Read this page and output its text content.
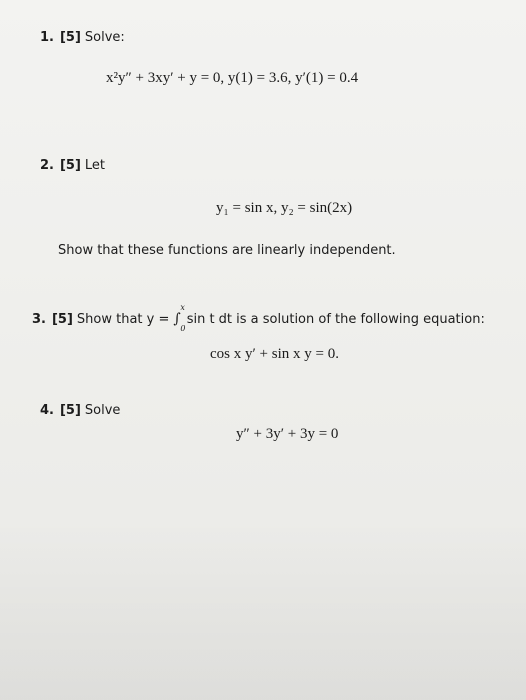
1. [5] Solve:
x²y″ + 3xy′ + y = 0, y(1) = 3.6, y′(1) = 0.4
2. [5] Let
y₁ = sin x, y₂ = sin(2x)
Show that these functions are linearly independent.
3. [5] Show that y = ∫
x
0
sin t dt is a solution of the following equation:
cos x y′ + sin x y = 0.
4. [5] Solve
y″ + 3y′ + 3y = 0
